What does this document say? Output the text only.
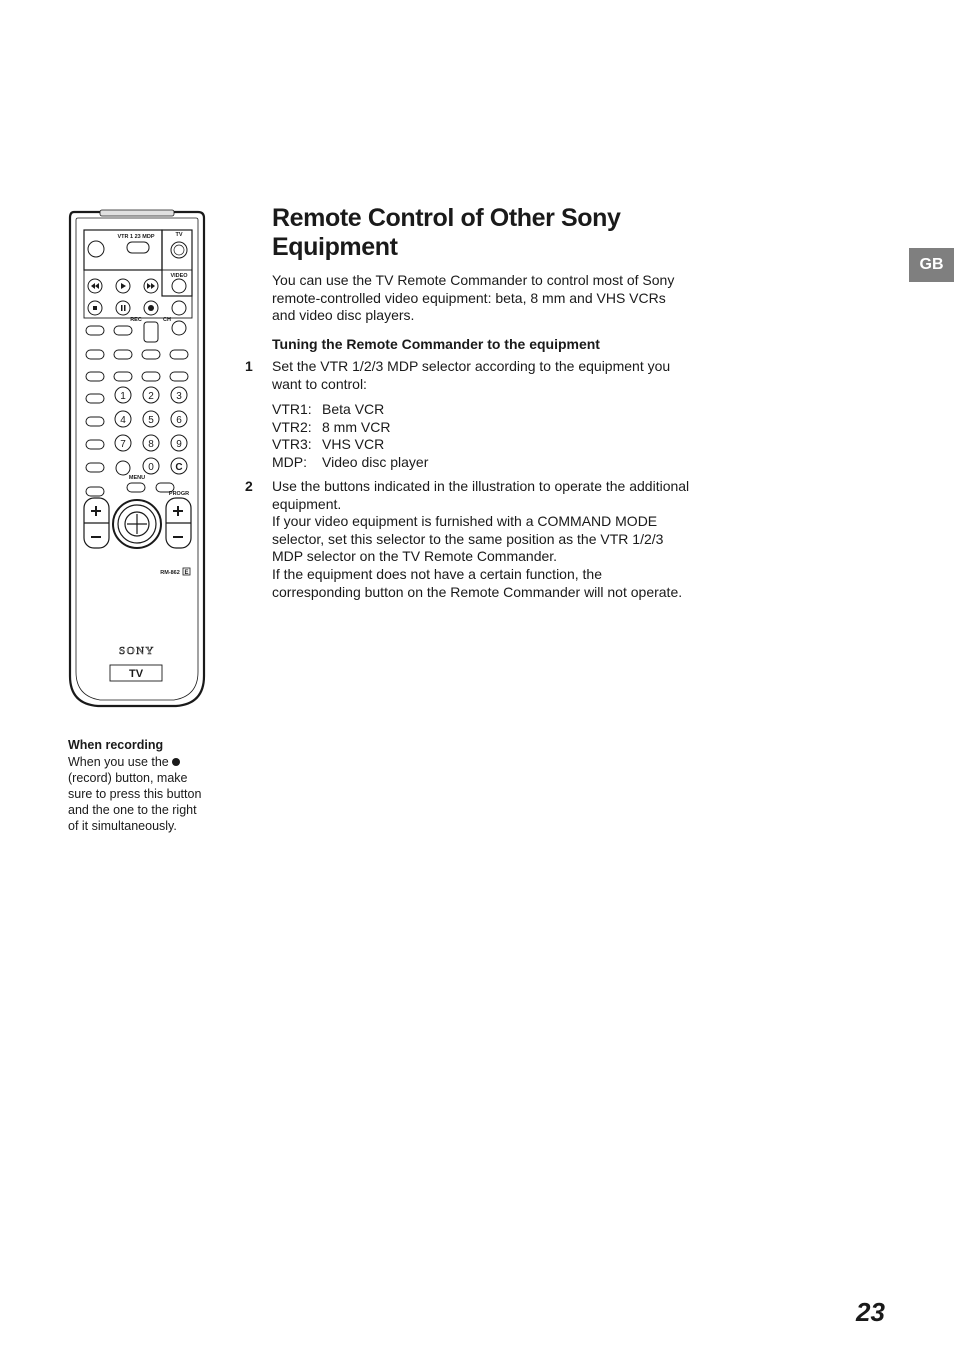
Remote Control of Other Sony
Equipment

You can use the TV Remote Commander to control most of Sony remote-controlled video equipment: beta, 8 mm and VHS VCRs and video disc players.

Tuning the Remote Commander to the equipment
1 Set the VTR 1/2/3 MDP selector according to the equipment you want to control:

VTR1: Beta VCR
VTR2: 8 mm VCR
VTR3: VHS VCR
MDP:	Video disc player
2 Use the buttons indicated in the illustration to operate the additional equipment.
If your video equipment is furnished with a COMMAND MODE selector, set this selector to the same position as the VTR 1/2/3 MDP selector on the TV Remote Commander.
If the equipment does not have a certain function, the corresponding button on the Remote Commander will not operate.
When recording

When you use the  (record) button, make sure to press this button and the one to the right of it simultaneously.

GB
23
1 2 3
4 5 6
7 8 9
0 C
VTR 1 23 MDP	TV
VIDEO
REC	CH
MENU
PROGR
RM-862 E
SONY
TV
